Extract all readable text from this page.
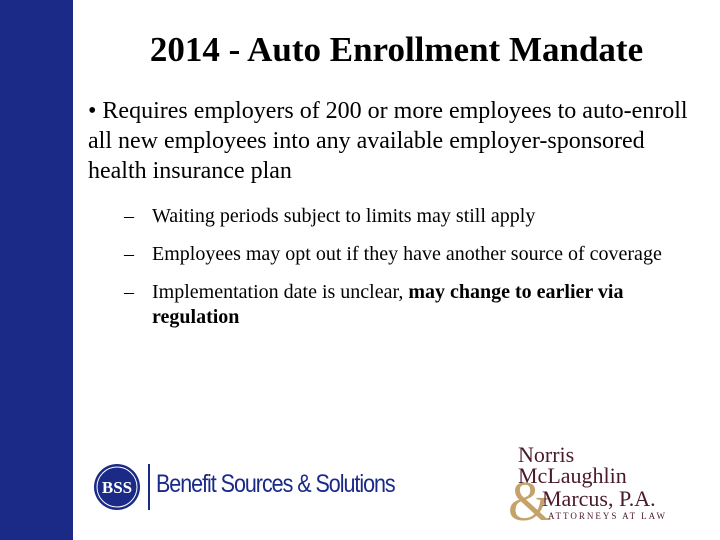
2014 - Auto Enrollment Mandate
• Requires employers of 200 or more employees to auto-enroll all new employees into any available employer-sponsored health insurance plan
– Waiting periods subject to limits may still apply
– Employees may opt out if they have another source of coverage
– Implementation date is unclear, may change to earlier via regulation
BSS Benefit Sources & Solutions &
Norris
McLaughlin
Marcus, P.A.
ATTORNEYS AT LAW
